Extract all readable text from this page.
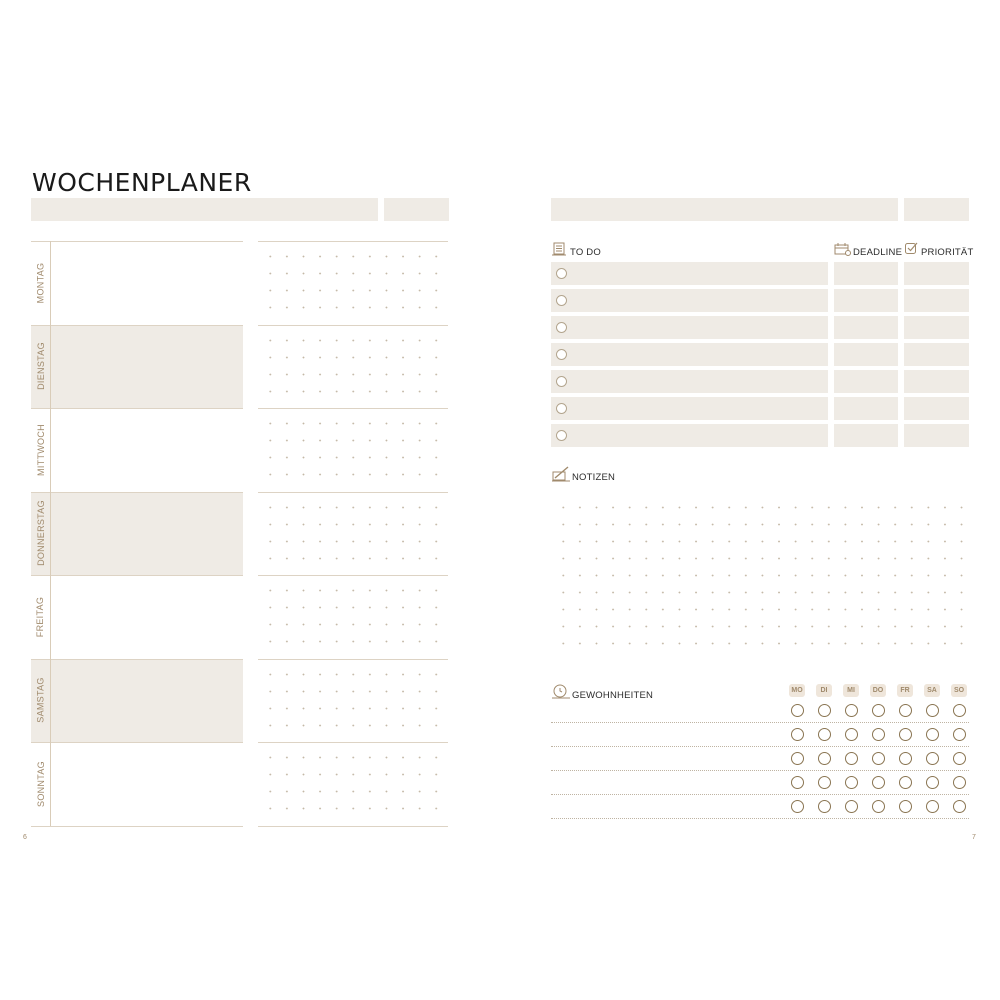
WOCHENPLANER
MONTAG
DIENSTAG
MITTWOCH
DONNERSTAG
FREITAG
SAMSTAG
SONNTAG
6
TO DO	DEADLINE PRIORITÄT
NOTIZEN
GEWOHNHEITEN	MO	DI	MI	DO	FR	SA	SO
7
